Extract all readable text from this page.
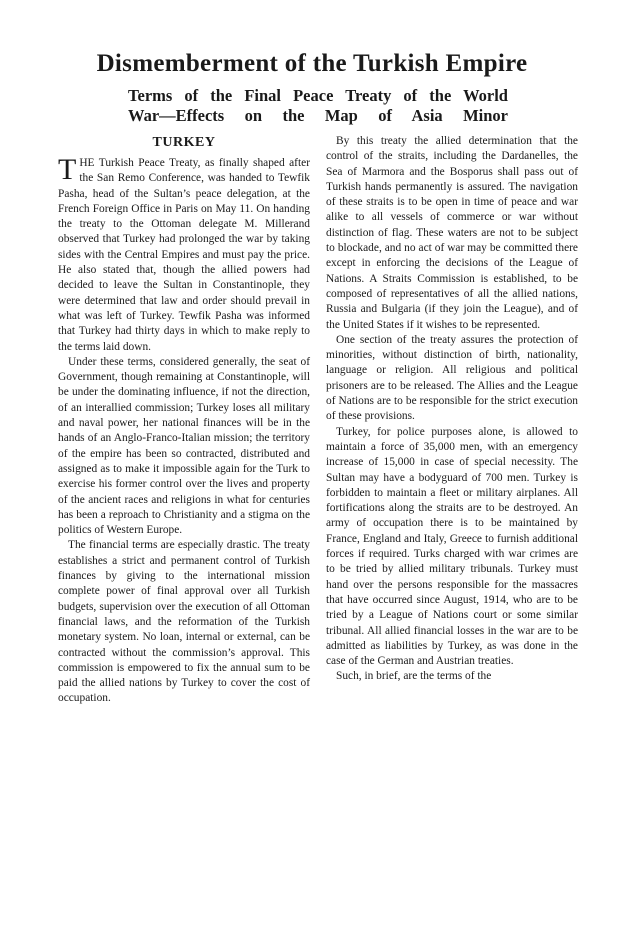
Dismemberment of the Turkish Empire
Terms of the Final Peace Treaty of the World
War—Effects on the Map of Asia Minor
TURKEY

THE Turkish Peace Treaty, as finally shaped after the San Remo Conference, was handed to Tewfik Pasha, head of the Sultan’s peace delegation, at the French Foreign Office in Paris on May 11. On handing the treaty to the Ottoman delegate M. Millerand observed that Turkey had prolonged the war by taking sides with the Central Empires and must pay the price. He also stated that, though the allied powers had decided to leave the Sultan in Constantinople, they were determined that law and order should prevail in what was left of Turkey. Tewfik Pasha was informed that Turkey had thirty days in which to make reply to the terms laid down.

Under these terms, considered generally, the seat of Government, though remaining at Constantinople, will be under the dominating influence, if not the direction, of an interallied commission; Turkey loses all military and naval power, her national finances will be in the hands of an Anglo-Franco-Italian mission; the territory of the empire has been so contracted, distributed and assigned as to make it impossible again for the Turk to exercise his former control over the lives and property of the ancient races and religions in what for centuries has been a reproach to Christianity and a stigma on the politics of Western Europe.

The financial terms are especially drastic. The treaty establishes a strict and permanent control of Turkish finances by giving to the international mission complete power of final approval over all Turkish budgets, supervision over the execution of all Ottoman financial laws, and the reformation of the Turkish monetary system. No loan, internal or external, can be contracted without the commission’s approval. This commission is empowered to fix the annual sum to be paid the allied nations by Turkey to cover the cost of occupation.

By this treaty the allied determination that the control of the straits, including the Dardanelles, the Sea of Marmora and the Bosporus shall pass out of Turkish hands permanently is assured. The navigation of these straits is to be open in time of peace and war alike to all vessels of commerce or war without distinction of flag. These waters are not to be subject to blockade, and no act of war may be committed there except in enforcing the decisions of the League of Nations. A Straits Commission is established, to be composed of representatives of all the allied nations, Russia and Bulgaria (if they join the League), and of the United States if it wishes to be represented.

One section of the treaty assures the protection of minorities, without distinction of birth, nationality, language or religion. All religious and political prisoners are to be released. The Allies and the League of Nations are to be responsible for the strict execution of these provisions.

Turkey, for police purposes alone, is allowed to maintain a force of 35,000 men, with an emergency increase of 15,000 in case of special necessity. The Sultan may have a bodyguard of 700 men. Turkey is forbidden to maintain a fleet or military airplanes. All fortifications along the straits are to be destroyed. An army of occupation there is to be maintained by France, England and Italy, Greece to furnish additional forces if required. Turks charged with war crimes are to be tried by allied military tribunals. Turkey must hand over the persons responsible for the massacres that have occurred since August, 1914, who are to be tried by a League of Nations court or some similar tribunal. All allied financial losses in the war are to be admitted as liabilities by Turkey, as was done in the case of the German and Austrian treaties.

Such, in brief, are the terms of the
